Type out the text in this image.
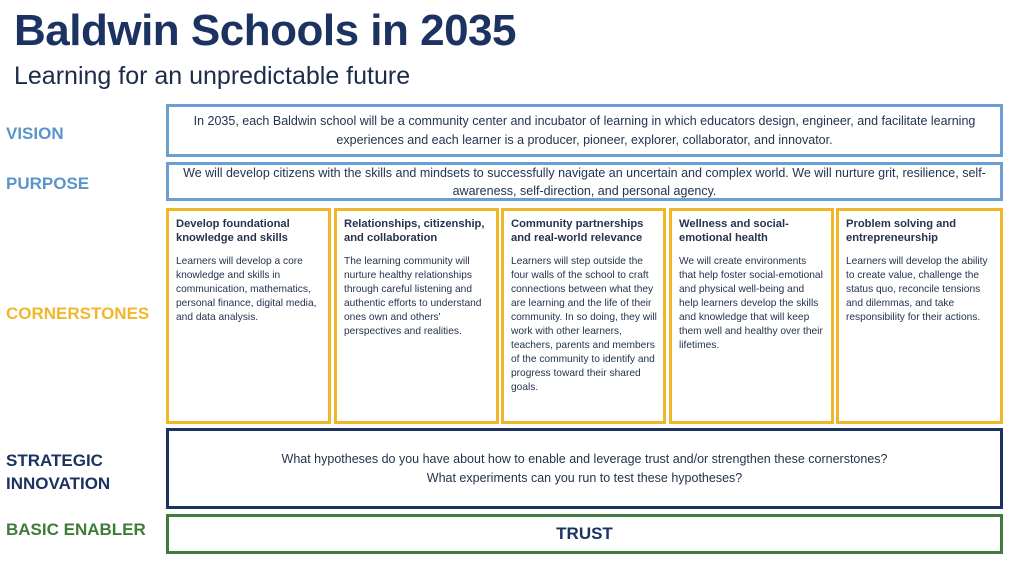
Baldwin Schools in 2035
Learning for an unpredictable future
VISION
In 2035, each Baldwin school will be a community center and incubator of learning in which educators design, engineer, and facilitate learning experiences and each learner is a producer, pioneer, explorer, collaborator, and innovator.
PURPOSE
We will develop citizens with the skills and mindsets to successfully navigate an uncertain and complex world. We will nurture grit, resilience, self-awareness, self-direction, and personal agency.
CORNERSTONES
Develop foundational knowledge and skills
Learners will develop a core knowledge and skills in communication, mathematics, personal finance, digital media, and data analysis.
Relationships, citizenship, and collaboration
The learning community will nurture healthy relationships through careful listening and authentic efforts to understand ones own and others' perspectives and realities.
Community partnerships and real-world relevance
Learners will step outside the four walls of the school to craft connections between what they are learning and the life of their community. In so doing, they will work with other learners, teachers, parents and members of the community to identify and progress toward their shared goals.
Wellness and social-emotional health
We will create environments that help foster social-emotional and physical well-being and help learners develop the skills and knowledge that will keep them well and healthy over their lifetimes.
Problem solving and entrepreneurship
Learners will develop the ability to create value, challenge the status quo, reconcile tensions and dilemmas, and take responsibility for their actions.
STRATEGIC
INNOVATION
What hypotheses do you have about how to enable and leverage trust and/or strengthen these cornerstones?
What experiments can you run to test these hypotheses?
BASIC ENABLER	TRUST
